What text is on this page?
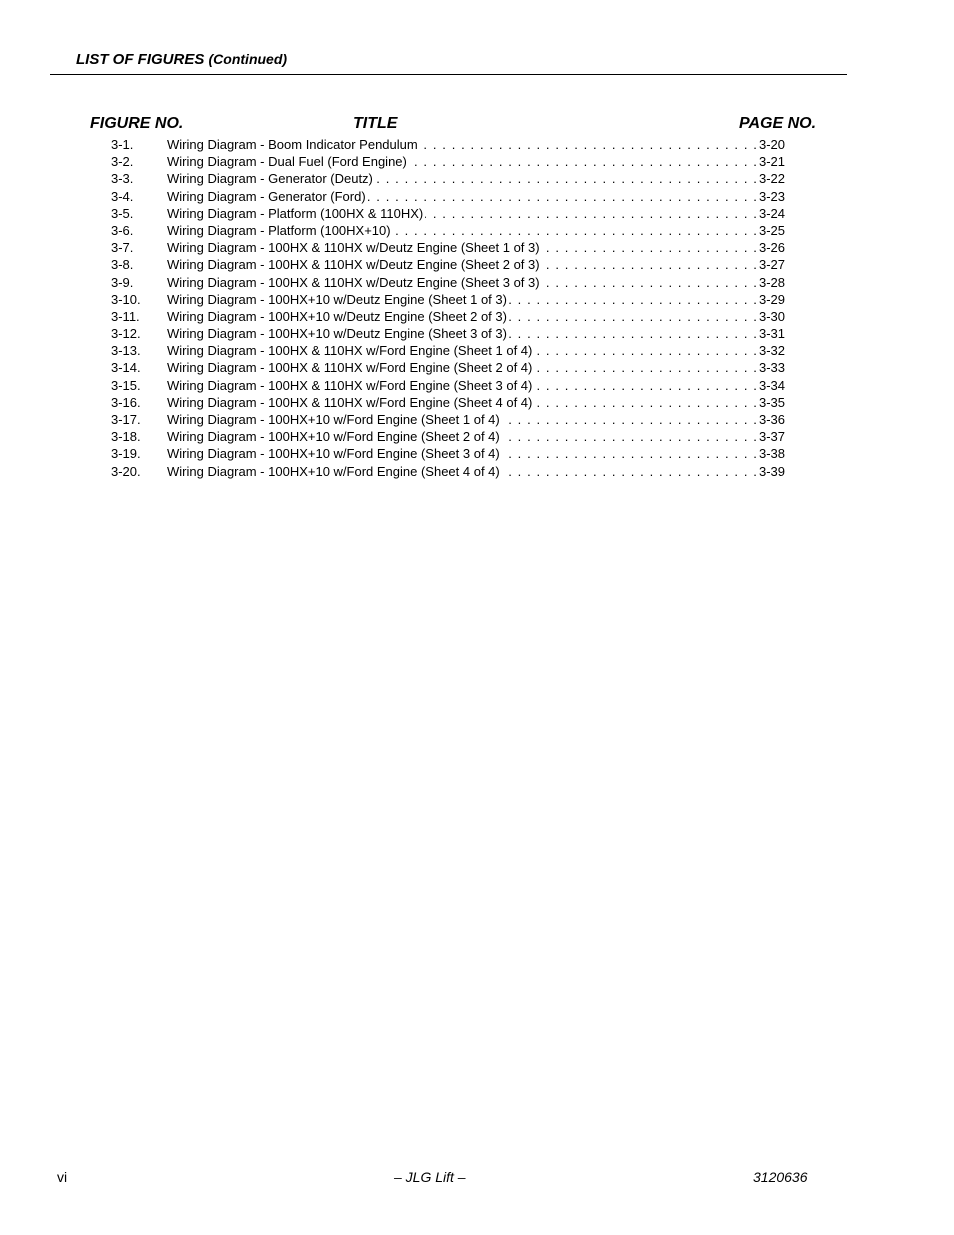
LIST OF FIGURES (Continued)
FIGURE NO.	TITLE	PAGE NO.
3-1.	Wiring Diagram - Boom Indicator Pendulum . . .	3-20
3-2.	Wiring Diagram - Dual Fuel (Ford Engine) . . .	3-21
3-3.	Wiring Diagram - Generator (Deutz) . . .	3-22
3-4.	Wiring Diagram - Generator (Ford) . . .	3-23
3-5.	Wiring Diagram - Platform (100HX & 110HX) . . .	3-24
3-6.	Wiring Diagram - Platform (100HX+10) . . .	3-25
3-7.	Wiring Diagram - 100HX & 110HX w/Deutz Engine (Sheet 1 of 3) . . .	3-26
3-8.	Wiring Diagram - 100HX & 110HX w/Deutz Engine (Sheet 2 of 3) . . .	3-27
3-9.	Wiring Diagram - 100HX & 110HX w/Deutz Engine (Sheet 3 of 3) . . .	3-28
3-10. Wiring Diagram - 100HX+10 w/Deutz Engine (Sheet 1 of 3) . . .	3-29
3-11. Wiring Diagram - 100HX+10 w/Deutz Engine (Sheet 2 of 3) . . .	3-30
3-12. Wiring Diagram - 100HX+10 w/Deutz Engine (Sheet 3 of 3) . . .	3-31
3-13. Wiring Diagram - 100HX & 110HX w/Ford Engine (Sheet 1 of 4) . . .	3-32
3-14. Wiring Diagram - 100HX & 110HX w/Ford Engine (Sheet 2 of 4) . . .	3-33
3-15. Wiring Diagram - 100HX & 110HX w/Ford Engine (Sheet 3 of 4) . . .	3-34
3-16. Wiring Diagram - 100HX & 110HX w/Ford Engine (Sheet 4 of 4) . . .	3-35
3-17. Wiring Diagram - 100HX+10 w/Ford Engine (Sheet 1 of 4) . . .	3-36
3-18. Wiring Diagram - 100HX+10 w/Ford Engine (Sheet 2 of 4) . . .	3-37
3-19. Wiring Diagram - 100HX+10 w/Ford Engine (Sheet 3 of 4) . . .	3-38
3-20. Wiring Diagram - 100HX+10 w/Ford Engine (Sheet 4 of 4) . . .	3-39
vi	– JLG Lift –	3120636
